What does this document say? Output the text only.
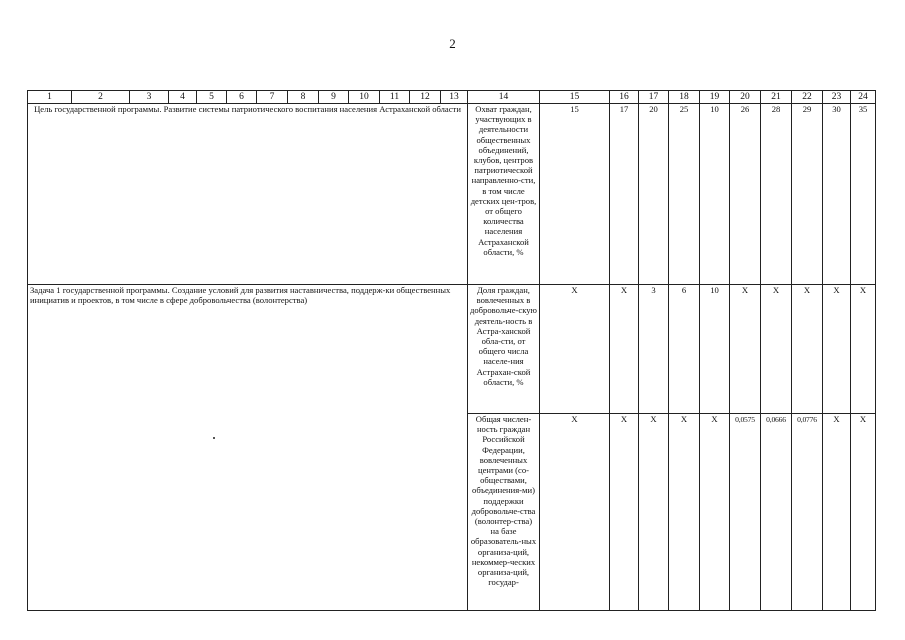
2
1	2	3	4	5	6	7	8	9	10	11	12	13	14	15	16	17	18	19	20	21	22	23	24
Цель государственной программы. Развитие системы патриотического воспитания населения Астраханской области													Охват граждан, участвующих в деятельности общественных объединений, клубов, центров патриотической направленно-сти, в том числе детских цен-тров, от общего количества населения Астраханской области, %	15	17	20	25	10	26	28	29	30	35
Задача 1 государственной программы. Создание условий для развития наставничества, поддерж-ки общественных инициатив и проектов, в том числе в сфере добровольчества (волонтерства)													Доля граждан, вовлеченных в добровольче-скую деятель-ность в Астра-ханской обла-сти, от общего числа населе-ния Астрахан-ской области, %	X	X	3	6	10	X	X	X	X	X
													Общая числен-ность граждан Российской Федерации, вовлеченных центрами (со-обществами, объединения-ми) поддержки добровольче-ства (волонтер-ства) на базе образователь-ных организа-ций, некоммер-ческих организа-ций, государ-	X	X	X	X	X	0,0575	0,0666	0,0776	X	X
